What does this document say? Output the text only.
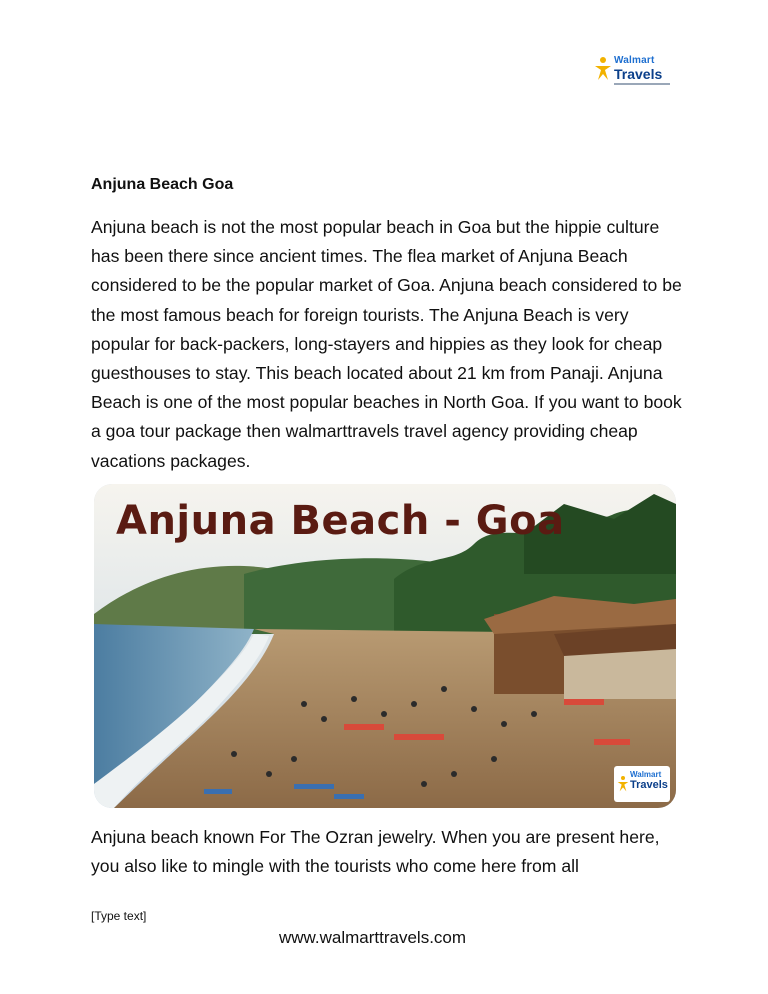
Walmart
Travels
Anjuna Beach Goa

Anjuna beach is not the most popular beach in Goa but the hippie culture has been there since ancient times. The flea market of Anjuna Beach considered to be the popular market of Goa. Anjuna beach considered to be the most famous beach for foreign tourists. The Anjuna Beach is very popular for back-packers, long-stayers and hippies as they look for cheap guesthouses to stay. This beach located about 21 km from Panaji. Anjuna Beach is one of the most popular beaches in North Goa. If you want to book a goa tour package then walmarttravels travel agency providing cheap vacations packages.

Anjuna Beach - Goa
Walmart
Travels

Anjuna beach known For The Ozran jewelry. When you are present here, you also like to mingle with the tourists who come here from all

[Type text]
www.walmarttravels.com
